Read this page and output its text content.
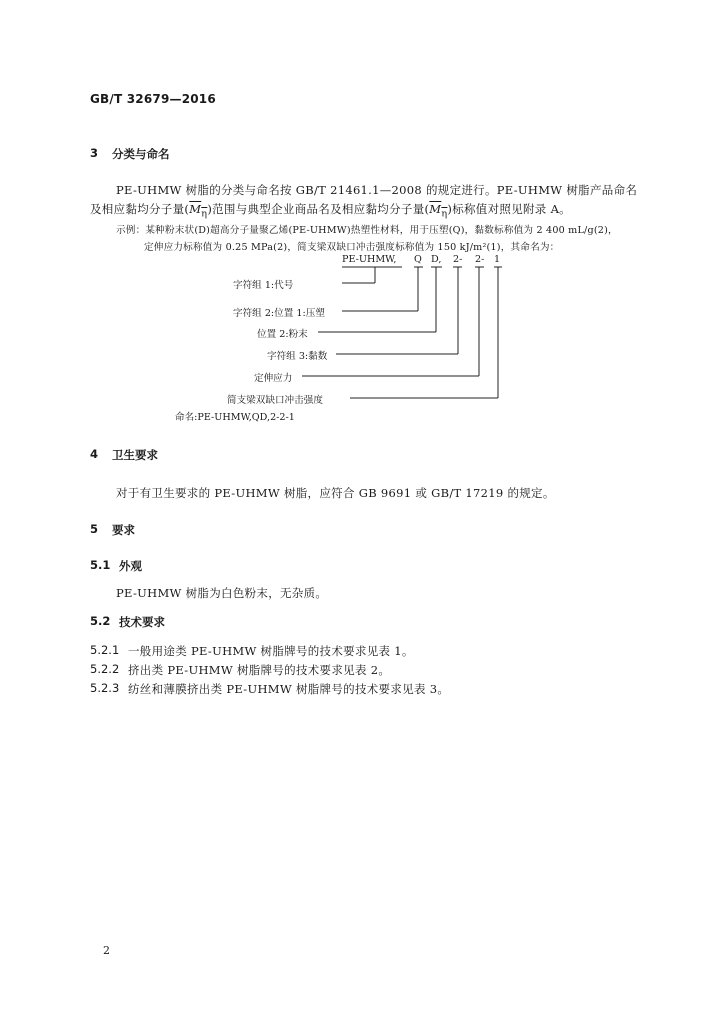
GB/T 32679—2016
3 分类与命名
PE-UHMW 树脂的分类与命名按 GB/T 21461.1—2008 的规定进行。PE-UHMW 树脂产品命名
及相应黏均分子量$(M_\eta)$范围与典型企业商品名及相应黏均分子量$(M_\eta)$标称值对照见附录 A。
示例：某种粉末状(D)超高分子量聚乙烯(PE-UHMW)热塑性材料，用于压塑(Q)，黏数标称值为 2 400 mL/g(2)，
定伸应力标称值为 0.25 MPa(2)，简支梁双缺口冲击强度标称值为 150 kJ/m²(1)，其命名为：
PE-UHMW, Q D, 2- 2- 1
字符组 1:代号
字符组 2:位置 1:压塑
位置 2:粉末
字符组 3:黏数
定伸应力
简支梁双缺口冲击强度
命名:PE-UHMW,QD,2-2-1
4 卫生要求
对于有卫生要求的 PE-UHMW 树脂，应符合 GB 9691 或 GB/T 17219 的规定。
5 要求
5.1 外观
PE-UHMW 树脂为白色粉末，无杂质。
5.2 技术要求
5.2.1 一般用途类 PE-UHMW 树脂牌号的技术要求见表 1。
5.2.2 挤出类 PE-UHMW 树脂牌号的技术要求见表 2。
5.2.3 纺丝和薄膜挤出类 PE-UHMW 树脂牌号的技术要求见表 3。
2
